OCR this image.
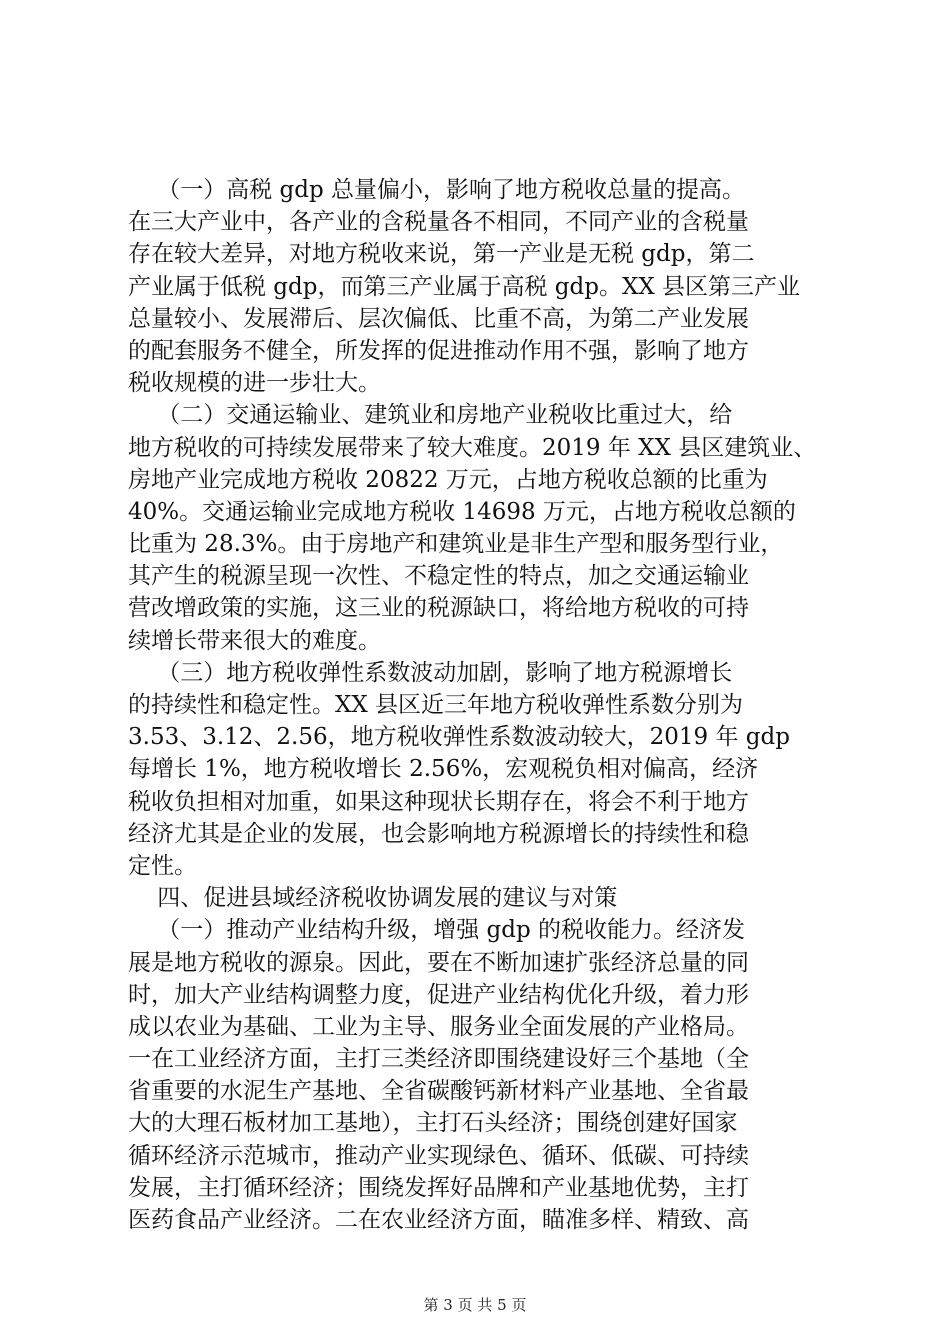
（一）高税 gdp 总量偏小，影响了地方税收总量的提高。
在三大产业中，各产业的含税量各不相同，不同产业的含税量
存在较大差异，对地方税收来说，第一产业是无税 gdp，第二
产业属于低税 gdp，而第三产业属于高税 gdp。XX 县区第三产业
总量较小、发展滞后、层次偏低、比重不高，为第二产业发展
的配套服务不健全，所发挥的促进推动作用不强，影响了地方
税收规模的进一步壮大。
（二）交通运输业、建筑业和房地产业税收比重过大，给
地方税收的可持续发展带来了较大难度。2019 年 XX 县区建筑业、
房地产业完成地方税收 20822 万元，占地方税收总额的比重为
40%。交通运输业完成地方税收 14698 万元，占地方税收总额的
比重为 28.3%。由于房地产和建筑业是非生产型和服务型行业，
其产生的税源呈现一次性、不稳定性的特点，加之交通运输业
营改增政策的实施，这三业的税源缺口，将给地方税收的可持
续增长带来很大的难度。
（三）地方税收弹性系数波动加剧，影响了地方税源增长
的持续性和稳定性。XX 县区近三年地方税收弹性系数分别为
3.53、3.12、2.56，地方税收弹性系数波动较大，2019 年 gdp
每增长 1%，地方税收增长 2.56%，宏观税负相对偏高，经济
税收负担相对加重，如果这种现状长期存在，将会不利于地方
经济尤其是企业的发展，也会影响地方税源增长的持续性和稳
定性。
四、促进县域经济税收协调发展的建议与对策
（一）推动产业结构升级，增强 gdp 的税收能力。经济发
展是地方税收的源泉。因此，要在不断加速扩张经济总量的同
时，加大产业结构调整力度，促进产业结构优化升级，着力形
成以农业为基础、工业为主导、服务业全面发展的产业格局。
一在工业经济方面，主打三类经济即围绕建设好三个基地（全
省重要的水泥生产基地、全省碳酸钙新材料产业基地、全省最
大的大理石板材加工基地），主打石头经济；围绕创建好国家
循环经济示范城市，推动产业实现绿色、循环、低碳、可持续
发展，主打循环经济；围绕发挥好品牌和产业基地优势，主打
医药食品产业经济。二在农业经济方面，瞄准多样、精致、高
第 3 页 共 5 页
